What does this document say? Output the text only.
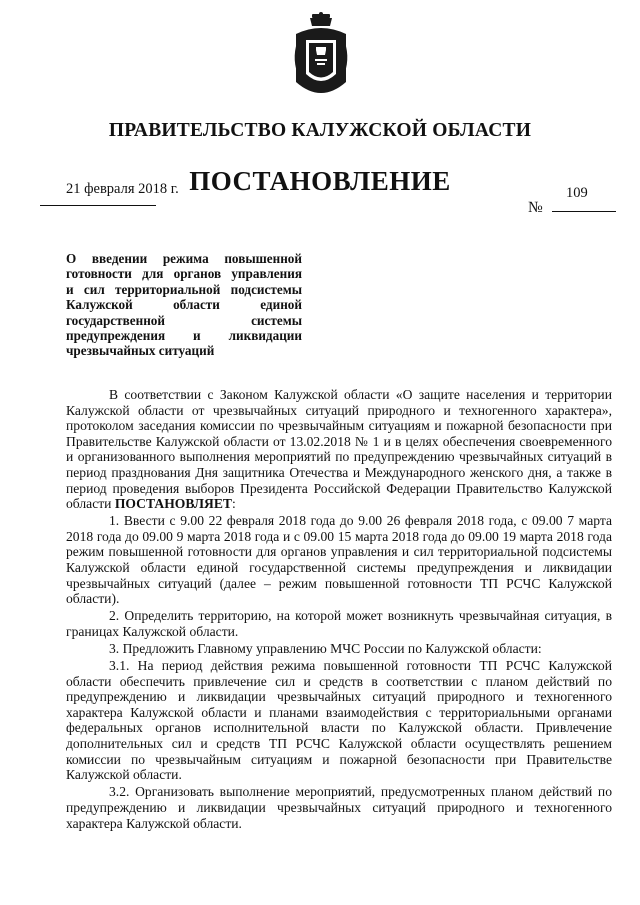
ПРАВИТЕЛЬСТВО КАЛУЖСКОЙ ОБЛАСТИ
ПОСТАНОВЛЕНИЕ
21 февраля 2018 г.	109
№
О введении режима повышенной
готовности для органов управления
и сил территориальной подсистемы
Калужской области единой
государственной системы
предупреждения и ликвидации
чрезвычайных ситуаций

В соответствии с Законом Калужской области «О защите населения и территории Калужской области от чрезвычайных ситуаций природного и техногенного характера», протоколом заседания комиссии по чрезвычайным ситуациям и пожарной безопасности при Правительстве Калужской области от 13.02.2018 № 1 и в целях обеспечения своевременного и организованного выполнения мероприятий по предупреждению чрезвычайных ситуаций в период празднования Дня защитника Отечества и Международного женского дня, а также в период проведения выборов Президента Российской Федерации Правительство Калужской области ПОСТАНОВЛЯЕТ:

1. Ввести с 9.00 22 февраля 2018 года до 9.00 26 февраля 2018 года, с 09.00 7 марта 2018 года до 09.00 9 марта 2018 года и с 09.00 15 марта 2018 года до 09.00 19 марта 2018 года режим повышенной готовности для органов управления и сил территориальной подсистемы Калужской области единой государственной системы предупреждения и ликвидации чрезвычайных ситуаций (далее – режим повышенной готовности ТП РСЧС Калужской области).

2. Определить территорию, на которой может возникнуть чрезвычайная ситуация, в границах Калужской области.

3. Предложить Главному управлению МЧС России по Калужской области:

3.1. На период действия режима повышенной готовности ТП РСЧС Калужской области обеспечить привлечение сил и средств в соответствии с планом действий по предупреждению и ликвидации чрезвычайных ситуаций природного и техногенного характера Калужской области и планами взаимодействия с территориальными органами федеральных органов исполнительной власти по Калужской области. Привлечение дополнительных сил и средств ТП РСЧС Калужской области осуществлять решением комиссии по чрезвычайным ситуациям и пожарной безопасности при Правительстве Калужской области.

3.2. Организовать выполнение мероприятий, предусмотренных планом действий по предупреждению и ликвидации чрезвычайных ситуаций природного и техногенного характера Калужской области.
